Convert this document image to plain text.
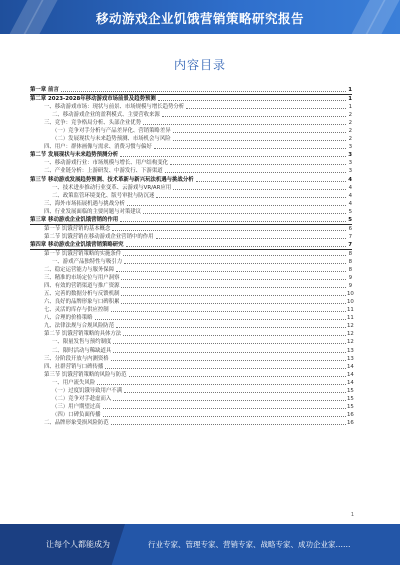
移动游戏企业饥饿营销策略研究报告
内容目录
第一章 前言	1
第二章 2023-2028年移动游戏市场前景及趋势预测	1
一、移动游戏市场：现状与前景、市场规模与增长趋势分析	1
二、移动游戏企业的盈利模式、主要营收来源	2
三、竞争：竞争格局分析、头部企业优势	2
（一）竞争对手分析与产品差异化、营销策略差异	2
（二）发展现状与未来趋势预测、市场机会与风险	2
四、用户：群体画像与需求、消费习惯与偏好	3
第二节 发展现状与未来趋势预测分析	3
一、移动游戏行业：市场规模与增长、用户结构变化	3
二、产业链分析：上游研发、中游发行、下游渠道	3
第三节 移动游戏发展趋势预测、技术革新与新兴玩法机遇与挑战分析	4
一、技术进步推动行业变革、云游戏与VR/AR应用	4
二、政策监管环境变化、版号审批与防沉迷	4
三、海外市场拓展机遇与挑战分析	4
四、行业发展面临的主要问题与对策建议	5
第三章 移动游戏企业饥饿营销的作用	5
第一节 饥饿营销的基本概念	6
第二节 饥饿营销在移动游戏企业营销中的作用	7
第四章 移动游戏企业饥饿营销策略研究	7
第一节 饥饿营销策略的实施条件	8
一、游戏产品独特性与吸引力	8
二、稳定运营能力与服务保障	8
三、精准的市场定位与用户洞察	9
四、有效的营销渠道与推广资源	9
五、完善的数据分析与反馈机制	10
六、良好的品牌形象与口碑积累	10
七、灵活的库存与供应控制	11
八、合理的价格策略	11
九、法律法规与合规风险防范	12
第二节 饥饿营销策略的具体方法	12
一、限量发售与预约制度	12
二、限时活动与稀缺道具	13
三、分阶段开放与内测资格	13
四、社群营销与口碑传播	14
第三节 饥饿营销策略的风险与防范	14
一、用户流失风险	14
（一）过度饥饿导致用户不满	15
（二）竞争对手趁虚而入	15
（三）用户期望过高	15
（四）口碑负面传播	16
二、品牌形象受损风险防范	16
1
让每个人都能成为	行业专家、管理专家、营销专家、战略专家、成功企业家……
